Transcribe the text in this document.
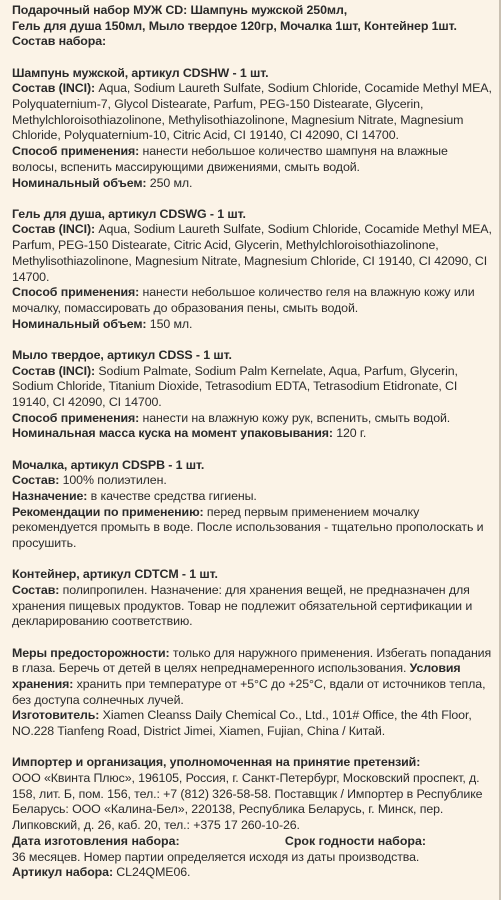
Подарочный набор МУЖ CD: Шампунь мужской 250мл,

Гель для душа 150мл, Мыло твердое 120гр, Мочалка 1шт, Контейнер 1шт.

Состав набора:

Шампунь мужской, артикул CDSHW - 1 шт.

Состав (INCI): Aqua, Sodium Laureth Sulfate, Sodium Chloride, Cocamide Methyl MEA, Polyquaternium-7, Glycol Distearate, Parfum, PEG-150 Distearate, Glycerin, Methylchloroisothiazolinone, Methylisothiazolinone, Magnesium Nitrate, Magnesium Chloride, Polyquaternium-10, Citric Acid, CI 19140, CI 42090, CI 14700.

Способ применения: нанести небольшое количество шампуня на влажные волосы, вспенить массирующими движениями, смыть водой.

Номинальный объем: 250 мл.

Гель для душа, артикул CDSWG - 1 шт.

Состав (INCI): Aqua, Sodium Laureth Sulfate, Sodium Chloride, Cocamide Methyl MEA, Parfum, PEG-150 Distearate, Citric Acid, Glycerin, Methylchloroisothiazolinone, Methylisothiazolinone, Magnesium Nitrate, Magnesium Chloride, CI 19140, CI 42090, CI 14700.

Способ применения: нанести небольшое количество геля на влажную кожу или мочалку, помассировать до образования пены, смыть водой.

Номинальный объем: 150 мл.

Мыло твердое, артикул CDSS - 1 шт.

Состав (INCI): Sodium Palmate, Sodium Palm Kernelate, Aqua, Parfum, Glycerin, Sodium Chloride, Titanium Dioxide, Tetrasodium EDTA, Tetrasodium Etidronate, CI 19140, CI 42090, CI 14700.

Способ применения: нанести на влажную кожу рук, вспенить, смыть водой.

Номинальная масса куска на момент упаковывания: 120 г.

Мочалка, артикул CDSPB - 1 шт.

Состав: 100% полиэтилен.

Назначение: в качестве средства гигиены.

Рекомендации по применению: перед первым применением мочалку рекомендуется промыть в воде. После использования - тщательно прополоскать и просушить.

Контейнер, артикул CDTCM - 1 шт.

Состав: полипропилен. Назначение: для хранения вещей, не предназначен для хранения пищевых продуктов. Товар не подлежит обязательной сертификации и декларированию соответствию.

Меры предосторожности: только для наружного применения. Избегать попадания в глаза. Беречь от детей в целях непреднамеренного использования. Условия хранения: хранить при температуре от +5°С до +25°С, вдали от источников тепла, без доступа солнечных лучей.

Изготовитель: Xiamen Cleanss Daily Chemical Co., Ltd., 101# Office, the 4th Floor, NO.228 Tianfeng Road, District Jimei, Xiamen, Fujian, China / Китай.

Импортер и организация, уполномоченная на принятие претензий:

ООО «Квинта Плюс», 196105, Россия, г. Санкт-Петербург, Московский проспект, д. 158, лит. Б, пом. 156, тел.: +7 (812) 326-58-58. Поставщик / Импортер в Республике Беларусь: ООО «Калина-Бел», 220138, Республика Беларусь, г. Минск, пер. Липковский, д. 26, каб. 20, тел.: +375 17 260-10-26.

Дата изготовления набора:	Срок годности набора:

36 месяцев. Номер партии определяется исходя из даты производства.

Артикул набора: CL24QME06.
